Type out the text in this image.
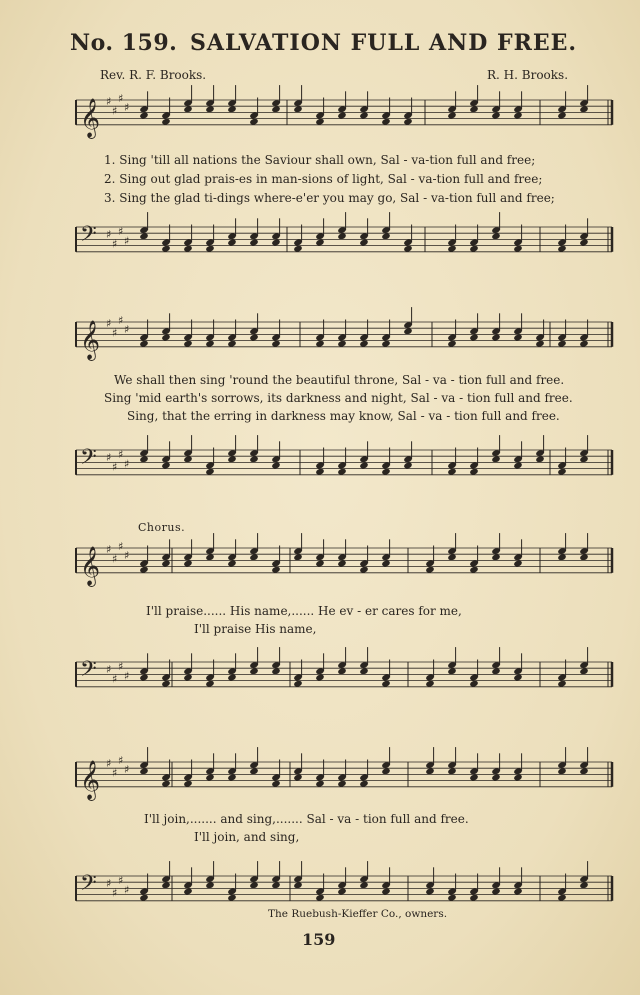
No. 159. SALVATION FULL AND FREE.
Rev. R. F. Brooks.	R. H. Brooks.
𝄞 ♯
♯
♯
♯
𝄢 ♯
♯
♯
♯
𝄞 ♯
♯
♯
♯
𝄢 ♯
♯
♯
♯
𝄞 ♯
♯
♯
♯
𝄢 ♯
♯
♯
♯
𝄞 ♯
♯
♯
♯
𝄢 ♯
♯
♯
♯
1. Sing 'till all nations the Saviour shall own, Sal - va-tion full and free;
2. Sing out glad prais-es in man-sions of light, Sal - va-tion full and free;
3. Sing the glad ti-dings where-e'er you may go, Sal - va-tion full and free;
We shall then sing 'round the beautiful throne, Sal - va - tion full and free.
Sing 'mid earth's sorrows, its darkness and night, Sal - va - tion full and free.
Sing, that the erring in darkness may know, Sal - va - tion full and free.
Chorus.
I'll praise...... His name,...... He ev - er cares for me,
I'll praise His name,
I'll join,....... and sing,....... Sal - va - tion full and free.
I'll join, and sing,
The Ruebush-Kieffer Co., owners.
159
